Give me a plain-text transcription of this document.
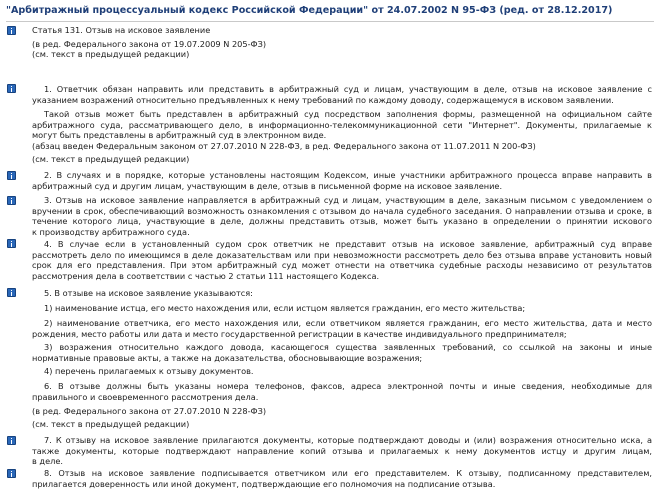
"Арбитражный процессуальный кодекс Российской Федерации" от 24.07.2002 N 95-ФЗ (ред. от 28.12.2017)
Статья 131. Отзыв на исковое заявление
(в ред. Федерального закона от 19.07.2009 N 205-ФЗ)
(см. текст в предыдущей редакции)
1. Ответчик обязан направить или представить в арбитражный суд и лицам, участвующим в деле, отзыв на исковое заявление с
указанием возражений относительно предъявленных к нему требований по каждому доводу, содержащемуся в исковом заявлении.
Такой отзыв может быть представлен в арбитражный суд посредством заполнения формы, размещенной на официальном сайте
арбитражного суда, рассматривающего дело, в информационно-телекоммуникационной сети "Интернет". Документы, прилагаемые к
могут быть представлены в арбитражный суд в электронном виде.
(абзац введен Федеральным законом от 27.07.2010 N 228-ФЗ, в ред. Федерального закона от 11.07.2011 N 200-ФЗ)
(см. текст в предыдущей редакции)
2. В случаях и в порядке, которые установлены настоящим Кодексом, иные участники арбитражного процесса вправе направить в
арбитражный суд и другим лицам, участвующим в деле, отзыв в письменной форме на исковое заявление.
3. Отзыв на исковое заявление направляется в арбитражный суд и лицам, участвующим в деле, заказным письмом с уведомлением о
вручении в срок, обеспечивающий возможность ознакомления с отзывом до начала судебного заседания. О направлении отзыва и сроке, в
течение которого лица, участвующие в деле, должны представить отзыв, может быть указано в определении о принятии искового
к производству арбитражного суда.
4. В случае если в установленный судом срок ответчик не представит отзыв на исковое заявление, арбитражный суд вправе
рассмотреть дело по имеющимся в деле доказательствам или при невозможности рассмотреть дело без отзыва вправе установить новый
срок для его представления. При этом арбитражный суд может отнести на ответчика судебные расходы независимо от результатов
рассмотрения дела в соответствии с частью 2 статьи 111 настоящего Кодекса.
5. В отзыве на исковое заявление указываются:
1) наименование истца, его место нахождения или, если истцом является гражданин, его место жительства;
2) наименование ответчика, его место нахождения или, если ответчиком является гражданин, его место жительства, дата и место
рождения, место работы или дата и место государственной регистрации в качестве индивидуального предпринимателя;
3) возражения относительно каждого довода, касающегося существа заявленных требований, со ссылкой на законы и иные
нормативные правовые акты, а также на доказательства, обосновывающие возражения;
4) перечень прилагаемых к отзыву документов.
6. В отзыве должны быть указаны номера телефонов, факсов, адреса электронной почты и иные сведения, необходимые для
правильного и своевременного рассмотрения дела.
(в ред. Федерального закона от 27.07.2010 N 228-ФЗ)
(см. текст в предыдущей редакции)
7. К отзыву на исковое заявление прилагаются документы, которые подтверждают доводы и (или) возражения относительно иска, а
также документы, которые подтверждают направление копий отзыва и прилагаемых к нему документов истцу и другим лицам,
в деле.
8. Отзыв на исковое заявление подписывается ответчиком или его представителем. К отзыву, подписанному представителем,
прилагается доверенность или иной документ, подтверждающие его полномочия на подписание отзыва.
